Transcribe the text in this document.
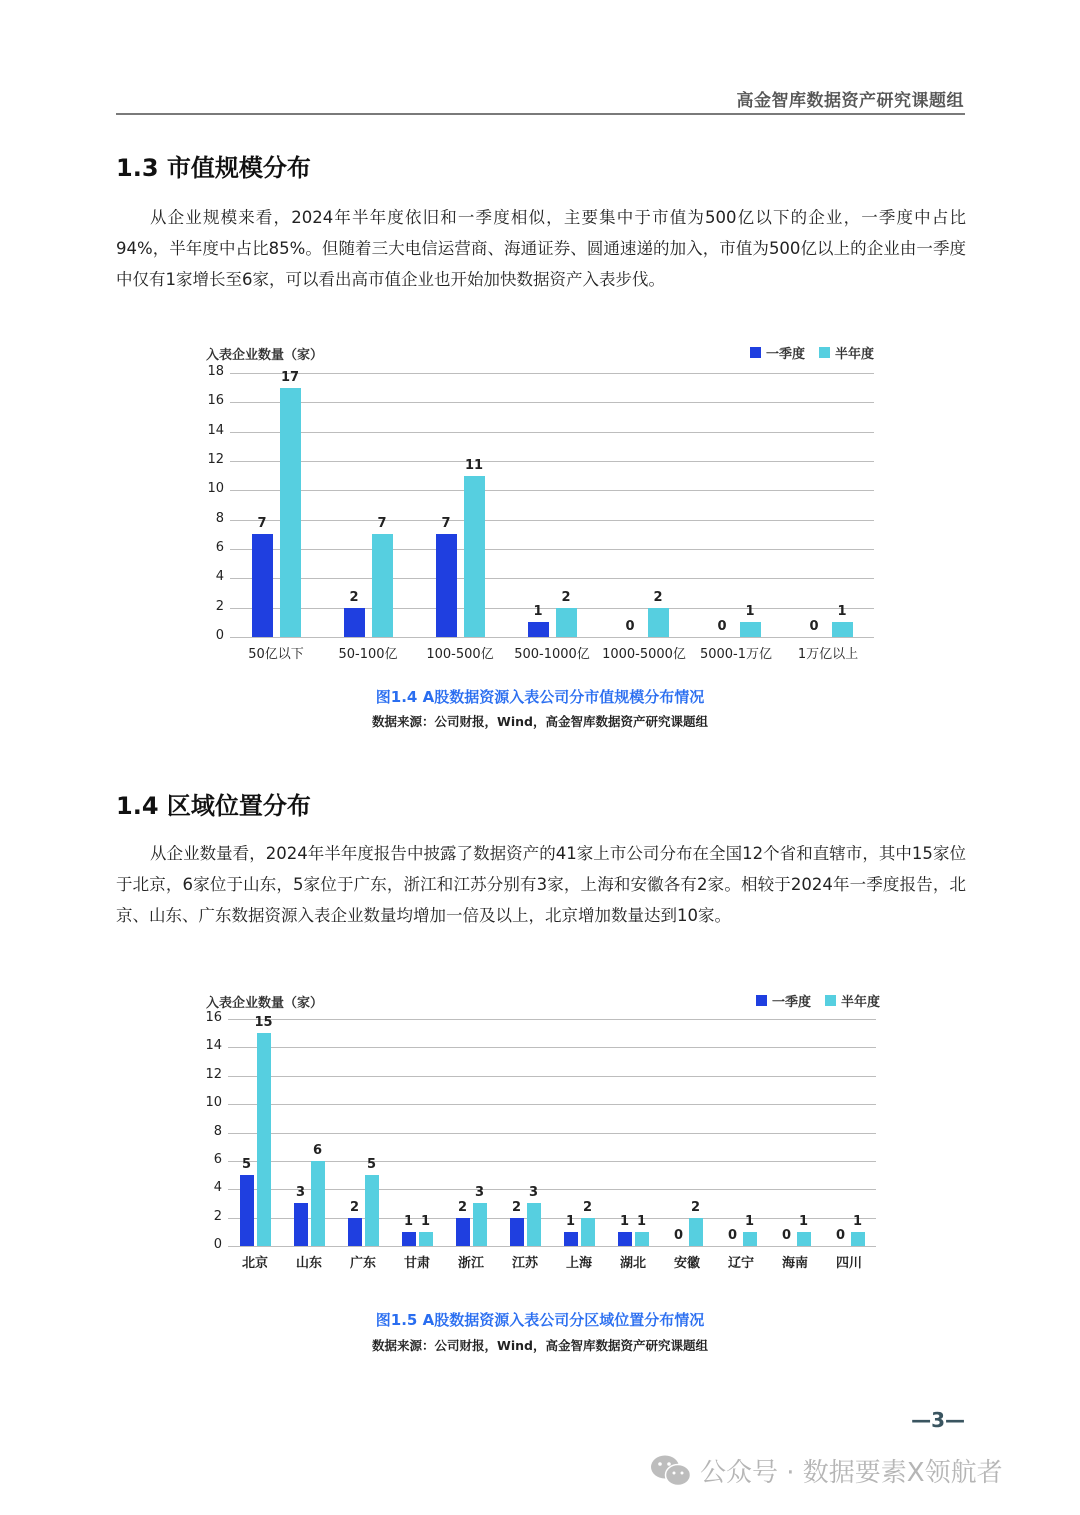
高金智库数据资产研究课题组
1.3 市值规模分布
从企业规模来看，2024年半年度依旧和一季度相似，主要集中于市值为500亿以下的企业，一季度中占比94%，半年度中占比85%。但随着三大电信运营商、海通证券、圆通速递的加入，市值为500亿以上的企业由一季度中仅有1家增长至6家，可以看出高市值企业也开始加快数据资产入表步伐。
入表企业数量（家）	一季度 半年度
0
2
4
6
8
10
12
14
16
18
7
17
50亿以下
2
7
50-100亿
7
11
100-500亿
1
2
500-1000亿
0
2
1000-5000亿
0
1
5000-1万亿
0
1
1万亿以上
图1.4 A股数据资源入表公司分市值规模分布情况
数据来源：公司财报，Wind，高金智库数据资产研究课题组
1.4 区域位置分布
从企业数量看，2024年半年度报告中披露了数据资产的41家上市公司分布在全国12个省和直辖市，其中15家位于北京，6家位于山东，5家位于广东，浙江和江苏分别有3家，上海和安徽各有2家。相较于2024年一季度报告，北京、山东、广东数据资源入表企业数量均增加一倍及以上，北京增加数量达到10家。
入表企业数量（家）	一季度 半年度
0
2
4
6
8
10
12
14
16
5
15
北京
3
6
山东
2
5
广东
1 1
甘肃
2
3
浙江
2
3
江苏
1
2
上海
1 1
湖北
0
2
安徽
0
1
辽宁
0
1
海南
0
1
四川
图1.5 A股数据资源入表公司分区域位置分布情况
数据来源：公司财报，Wind，高金智库数据资产研究课题组
—3—
公众号 · 数据要素X领航者
